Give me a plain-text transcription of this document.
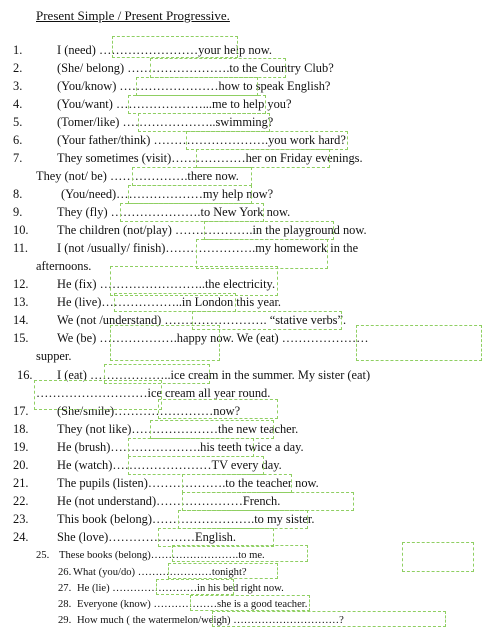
Present Simple / Present Progressive.
1.	I (need) ……………………your help now.
2.	(She/ belong) …………………….to the Country Club?
3.	(You/know) ……………………how to speak English?
4.	(You/want) …………………...me to help you?
5.	(Tomer/like) …………………..swimming?
6.	(Your father/think) ……………………….you work hard?
7.	They sometimes (visit)………………her on Friday evenings.
They (not/ be) ……………….there now.
8.	(You/need)…………………my help now?
9.	They (fly) ………………….to New York now.
10. The children (not/play) ……………….in the playground now.
11. I (not /usually/ finish)………………….my homework in the
afternoons.
12. He (fix) ……………………..the electricity.
13. He (live)………………..in London this year.
14. We (not /understand) ……………………. “stative verbs”.
15. We (be) ……………….happy now. We (eat) …………………
supper.
16. I (eat) ………………..ice cream in the summer. My sister (eat)
………………………ice cream all year round.
17. (She/smile)……………………now?
18. They (not like)…………………the new teacher.
19. He (brush)………………….his teeth twice a day.
20. He (watch)……………………TV every day.
21. The pupils (listen)……………….to the teacher now.
22. He (not understand)…………………French.
23. This book (belong)…………………….to my sister.
24. She (love)…………………English.
25. These books (belong)…………………….to me.
26. What (you/do) …………………tonight?
27. He (lie) ……………………in his bed right now.
28. Everyone (know) ………………she is a good teacher.
29. How much ( the watermelon/weigh) …………………………?
